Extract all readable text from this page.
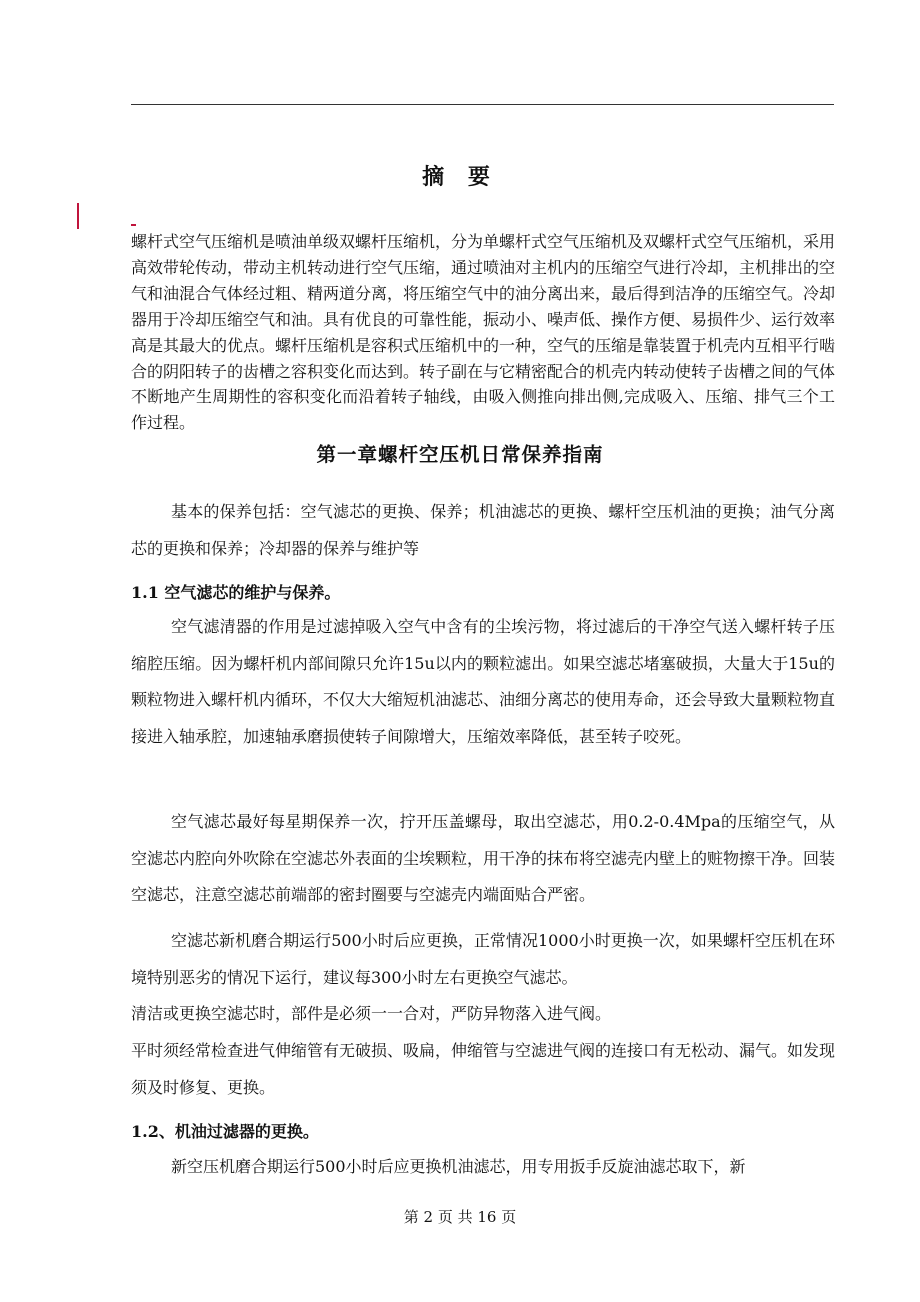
摘 要

螺杆式空气压缩机是喷油单级双螺杆压缩机，分为单螺杆式空气压缩机及双螺杆式空气压缩机，采用高效带轮传动，带动主机转动进行空气压缩，通过喷油对主机内的压缩空气进行冷却，主机排出的空气和油混合气体经过粗、精两道分离，将压缩空气中的油分离出来，最后得到洁净的压缩空气。冷却器用于冷却压缩空气和油。具有优良的可靠性能，振动小、噪声低、操作方便、易损件少、运行效率高是其最大的优点。螺杆压缩机是容积式压缩机中的一种，空气的压缩是靠装置于机壳内互相平行啮合的阴阳转子的齿槽之容积变化而达到。转子副在与它精密配合的机壳内转动使转子齿槽之间的气体不断地产生周期性的容积变化而沿着转子轴线，由吸入侧推向排出侧,完成吸入、压缩、排气三个工作过程。

第一章螺杆空压机日常保养指南

基本的保养包括：空气滤芯的更换、保养；机油滤芯的更换、螺杆空压机油的更换；油气分离芯的更换和保养；冷却器的保养与维护等

1.1 空气滤芯的维护与保养。

空气滤清器的作用是过滤掉吸入空气中含有的尘埃污物，将过滤后的干净空气送入螺杆转子压缩腔压缩。因为螺杆机内部间隙只允许15u以内的颗粒滤出。如果空滤芯堵塞破损，大量大于15u的颗粒物进入螺杆机内循环，不仅大大缩短机油滤芯、油细分离芯的使用寿命，还会导致大量颗粒物直接进入轴承腔，加速轴承磨损使转子间隙增大，压缩效率降低，甚至转子咬死。

空气滤芯最好每星期保养一次，拧开压盖螺母，取出空滤芯，用0.2-0.4Mpa的压缩空气，从空滤芯内腔向外吹除在空滤芯外表面的尘埃颗粒，用干净的抹布将空滤壳内壁上的赃物擦干净。回装空滤芯，注意空滤芯前端部的密封圈要与空滤壳内端面贴合严密。

空滤芯新机磨合期运行500小时后应更换，正常情况1000小时更换一次，如果螺杆空压机在环境特别恶劣的情况下运行，建议每300小时左右更换空气滤芯。

清洁或更换空滤芯时，部件是必须一一合对，严防异物落入进气阀。

平时须经常检查进气伸缩管有无破损、吸扁，伸缩管与空滤进气阀的连接口有无松动、漏气。如发现须及时修复、更换。

1.2、机油过滤器的更换。

新空压机磨合期运行500小时后应更换机油滤芯，用专用扳手反旋油滤芯取下，新

第 2 页 共 16 页
